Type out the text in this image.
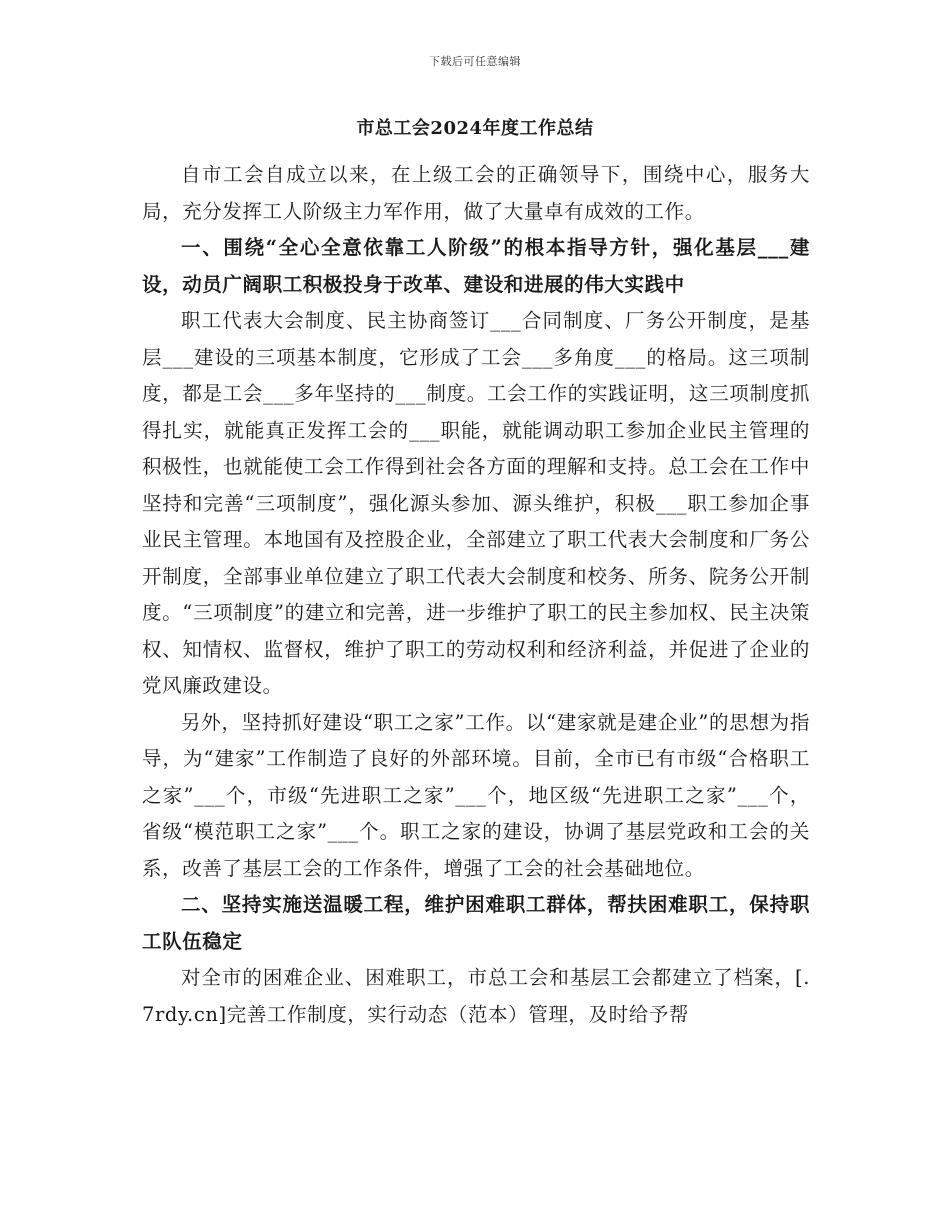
下载后可任意编辑
市总工会2024年度工作总结

自市工会自成立以来，在上级工会的正确领导下，围绕中心，服务大局，充分发挥工人阶级主力军作用，做了大量卓有成效的工作。

一、围绕“全心全意依靠工人阶级”的根本指导方针，强化基层___建设，动员广阔职工积极投身于改革、建设和进展的伟大实践中

职工代表大会制度、民主协商签订___合同制度、厂务公开制度，是基层___建设的三项基本制度，它形成了工会___多角度___的格局。这三项制度，都是工会___多年坚持的___制度。工会工作的实践证明，这三项制度抓得扎实，就能真正发挥工会的___职能，就能调动职工参加企业民主管理的积极性，也就能使工会工作得到社会各方面的理解和支持。总工会在工作中坚持和完善“三项制度”，强化源头参加、源头维护，积极___职工参加企事业民主管理。本地国有及控股企业，全部建立了职工代表大会制度和厂务公开制度，全部事业单位建立了职工代表大会制度和校务、所务、院务公开制度。“三项制度”的建立和完善，进一步维护了职工的民主参加权、民主决策权、知情权、监督权，维护了职工的劳动权利和经济利益，并促进了企业的党风廉政建设。

另外，坚持抓好建设“职工之家”工作。以“建家就是建企业”的思想为指导，为“建家”工作制造了良好的外部环境。目前，全市已有市级“合格职工之家”___个，市级“先进职工之家”___个，地区级“先进职工之家”___个，省级“模范职工之家”___个。职工之家的建设，协调了基层党政和工会的关系，改善了基层工会的工作条件，增强了工会的社会基础地位。

二、坚持实施送温暖工程，维护困难职工群体，帮扶困难职工，保持职工队伍稳定

对全市的困难企业、困难职工，市总工会和基层工会都建立了档案，[.7rdy.cn]完善工作制度，实行动态（范本）管理，及时给予帮
